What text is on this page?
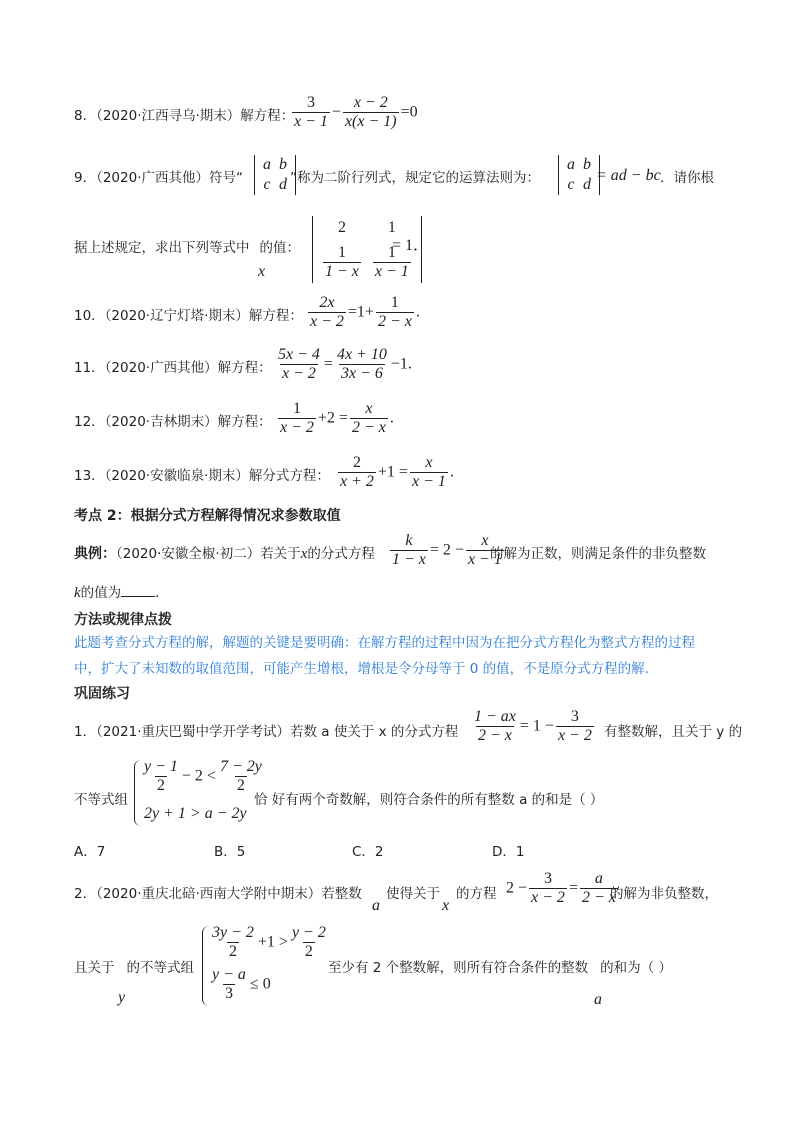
8．（2020·江西寻乌·期末）解方程：
$\frac{3}{x - 1} - \frac{x - 2}{x(x - 1)} =0$
9．（2020·广西其他）符号“
a	b
c	d ”称为二阶行列式，规定它的运算法则为：
a	b
c	d
= ad − bc ．请你根
据上述规定，求出下列等式中 的值：
x
2	1

$\frac{1}{1 - x}$	$\frac{1}{x - 1}$
= 1．
10．（2020·辽宁灯塔·期末）解方程： $\frac{2x}{x - 2} =1+ \frac{1}{2 - x}$ .
11．（2020·广西其他）解方程： $\frac{5x - 4}{x - 2} = \frac{4x + 10}{3x - 6} -1$.
12．（2020·吉林期末）解方程： $\frac{1}{x - 2} +2 = \frac{x}{2 - x}$ .
13．（2020·安徽临泉·期末）解分式方程： $\frac{2}{x + 2} +1 = \frac{x}{x - 1}$ .
考点 2：根据分式方程解得情况求参数取值
典例：（2020·安徽全椒·初二）若关于x的分式方程 $\frac{k}{1 - x} = 2 - \frac{x}{x - 1}$
的解为正数，则满足条件的非负整数
k的值为	．
方法或规律点拨
此题考查分式方程的解，解题的关键是要明确：在解方程的过程中因为在把分式方程化为整式方程的过程
中，扩大了未知数的取值范围，可能产生增根，增根是令分母等于 0 的值，不是原分式方程的解.
巩固练习
1．（2021·重庆巴蜀中学开学考试）若数 a 使关于 x 的分式方程 $\frac{1 - ax}{2 - x} = 1 - \frac{3}{x - 2}$ 有整数解，且关于 y 的
不等式组
$\frac{y - 1}{2} - 2 < \frac{7 - 2y}{2}$
2y + 1 > a − 2y
恰 好有两个奇数解，则符合条件的所有整数 a 的和是（ ）
A．7	B．5	C．2	D．1
2．（2020·重庆北碚·西南大学附中期末）若整数
a
使得关于
x
的方程 $2 - \frac{3}{x - 2} = \frac{a}{2 - x}$
的解为非负整数，
且关于 的不等式组
y
$\frac{3y - 2}{2} +1 > \frac{y - 2}{2}$
$\frac{y - a}{3} \le 0$
至少有 2 个整数解，则所有符合条件的整数 的和为（ ）
a
